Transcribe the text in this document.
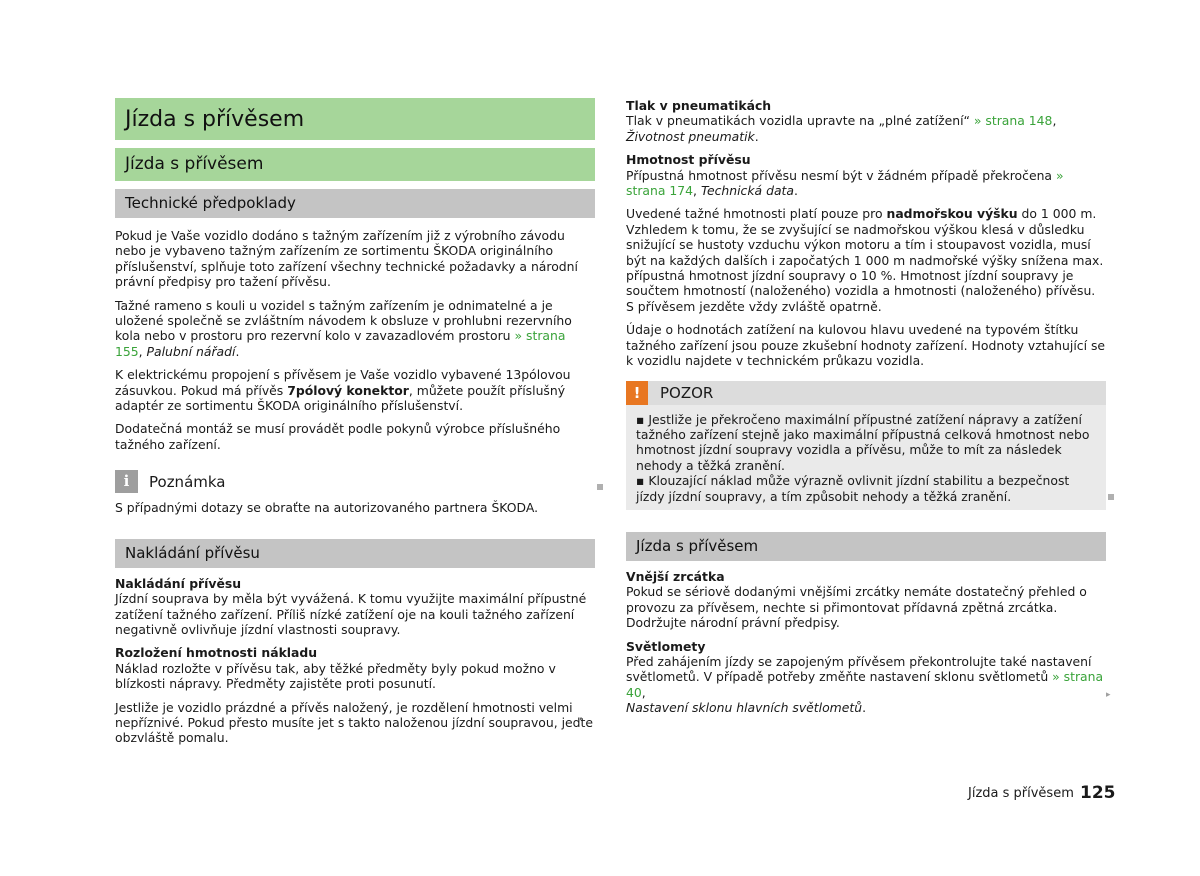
Jízda s přívěsem
Jízda s přívěsem
Technické předpoklady

Pokud je Vaše vozidlo dodáno s tažným zařízením již z výrobního závodu nebo je vybaveno tažným zařízením ze sortimentu ŠKODA originálního příslušenství, splňuje toto zařízení všechny technické požadavky a národní právní předpisy pro tažení přívěsu.

Tažné rameno s kouli u vozidel s tažným zařízením je odnimatelné a je uložené společně se zvláštním návodem k obsluze v prohlubni rezervního kola nebo v prostoru pro rezervní kolo v zavazadlovém prostoru » strana 155, Palubní nářadí.

K elektrickému propojení s přívěsem je Vaše vozidlo vybavené 13pólovou zásuvkou. Pokud má přívěs 7pólový konektor, můžete použít příslušný adaptér ze sortimentu ŠKODA originálního příslušenství.

Dodatečná montáž se musí provádět podle pokynů výrobce příslušného tažného zařízení.

i	Poznámka

S případnými dotazy se obraťte na autorizovaného partnera ŠKODA.

Nakládání přívěsu
Nakládání přívěsu

Jízdní souprava by měla být vyvážená. K tomu využijte maximální přípustné zatížení tažného zařízení. Příliš nízké zatížení oje na kouli tažného zařízení negativně ovlivňuje jízdní vlastnosti soupravy.

Rozložení hmotnosti nákladu

Náklad rozložte v přívěsu tak, aby těžké předměty byly pokud možno v blízkosti nápravy. Předměty zajistěte proti posunutí.

Jestliže je vozidlo prázdné a přívěs naložený, je rozdělení hmotnosti velmi nepříznivé. Pokud přesto musíte jet s takto naloženou jízdní soupravou, jeďte obzvláště pomalu.

Tlak v pneumatikách

Tlak v pneumatikách vozidla upravte na „plné zatížení“ » strana 148, Životnost pneumatik.

Hmotnost přívěsu

Přípustná hmotnost přívěsu nesmí být v žádném případě překročena » strana 174, Technická data.

Uvedené tažné hmotnosti platí pouze pro nadmořskou výšku do 1 000 m. Vzhledem k tomu, že se zvyšující se nadmořskou výškou klesá v důsledku snižující se hustoty vzduchu výkon motoru a tím i stoupavost vozidla, musí být na každých dalších i započatých 1 000 m nadmořské výšky snížena max. přípustná hmotnost jízdní soupravy o 10 %. Hmotnost jízdní soupravy je součtem hmotností (naloženého) vozidla a hmotnosti (naloženého) přívěsu. S přívěsem jezděte vždy zvláště opatrně.

Údaje o hodnotách zatížení na kulovou hlavu uvedené na typovém štítku tažného zařízení jsou pouze zkušební hodnoty zařízení. Hodnoty vztahující se k vozidlu najdete v technickém průkazu vozidla.

!	POZOR

▪ Jestliže je překročeno maximální přípustné zatížení nápravy a zatížení tažného zařízení stejně jako maximální přípustná celková hmotnost nebo hmotnost jízdní soupravy vozidla a přívěsu, může to mít za následek nehody a těžká zranění.

▪ Klouzající náklad může výrazně ovlivnit jízdní stabilitu a bezpečnost jízdy jízdní soupravy, a tím způsobit nehody a těžká zranění.

Jízda s přívěsem
Vnější zrcátka

Pokud se sériově dodanými vnějšími zrcátky nemáte dostatečný přehled o provozu za přívěsem, nechte si přimontovat přídavná zpětná zrcátka. Dodržujte národní právní předpisy.

Světlomety

Před zahájením jízdy se zapojeným přívěsem překontrolujte také nastavení světlometů. V případě potřeby změňte nastavení sklonu světlometů » strana 40,
Nastavení sklonu hlavních světlometů.

▸
Jízda s přívěsem 125
